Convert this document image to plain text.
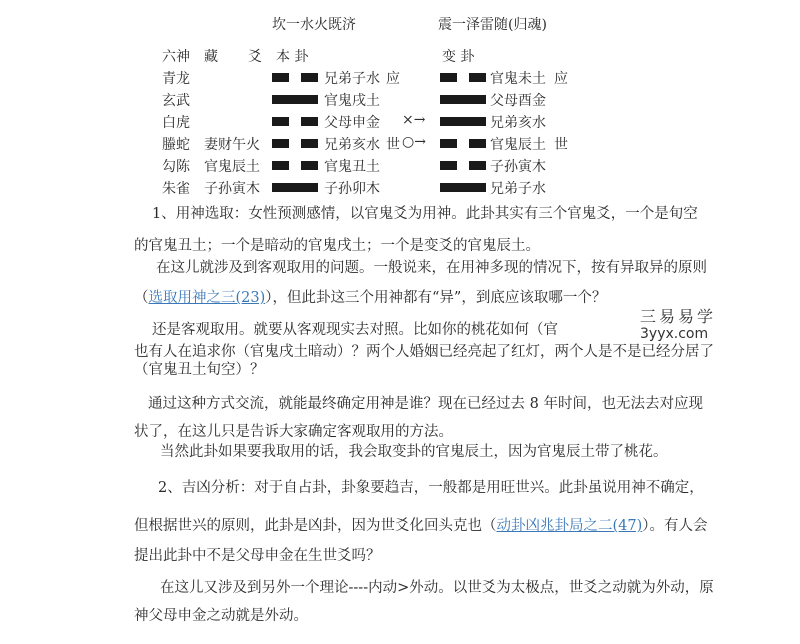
坎一水火既济	震一泽雷随(归魂)
六神 藏 爻 本 卦	变 卦
青龙	兄弟子水 应	官鬼未土 应
玄武	官鬼戌土	父母酉金
白虎	父母申金 ×→	兄弟亥水
螣蛇 妻财午火	兄弟亥水 世 ○→	官鬼辰土 世
勾陈 官鬼辰土	官鬼丑土	子孙寅木
朱雀 子孙寅木	子孙卯木	兄弟子水
1、用神选取：女性预测感情，以官鬼爻为用神。此卦其实有三个官鬼爻，一个是旬空
的官鬼丑土；一个是暗动的官鬼戌土；一个是变爻的官鬼辰土。
在这儿就涉及到客观取用的问题。一般说来，在用神多现的情况下，按有异取异的原则
（选取用神之三(23)），但此卦这三个用神都有“异”，到底应该取哪一个？
还是客观取用。就要从客观现实去对照。比如你的桃花如何（官
也有人在追求你（官鬼戌土暗动）？两个人婚姻已经亮起了红灯，两个人是不是已经分居了
（官鬼丑土旬空）？
通过这种方式交流，就能最终确定用神是谁？现在已经过去 8 年时间，也无法去对应现
状了，在这儿只是告诉大家确定客观取用的方法。
当然此卦如果要我取用的话，我会取变卦的官鬼辰土，因为官鬼辰土带了桃花。
2、吉凶分析：对于自占卦，卦象要趋吉，一般都是用旺世兴。此卦虽说用神不确定，
但根据世兴的原则，此卦是凶卦，因为世爻化回头克也（动卦凶兆卦局之二(47)）。有人会
提出此卦中不是父母申金在生世爻吗？
在这儿又涉及到另外一个理论----内动>外动。以世爻为太极点，世爻之动就为外动，原
神父母申金之动就是外动。
三易易学
3yyx.com
